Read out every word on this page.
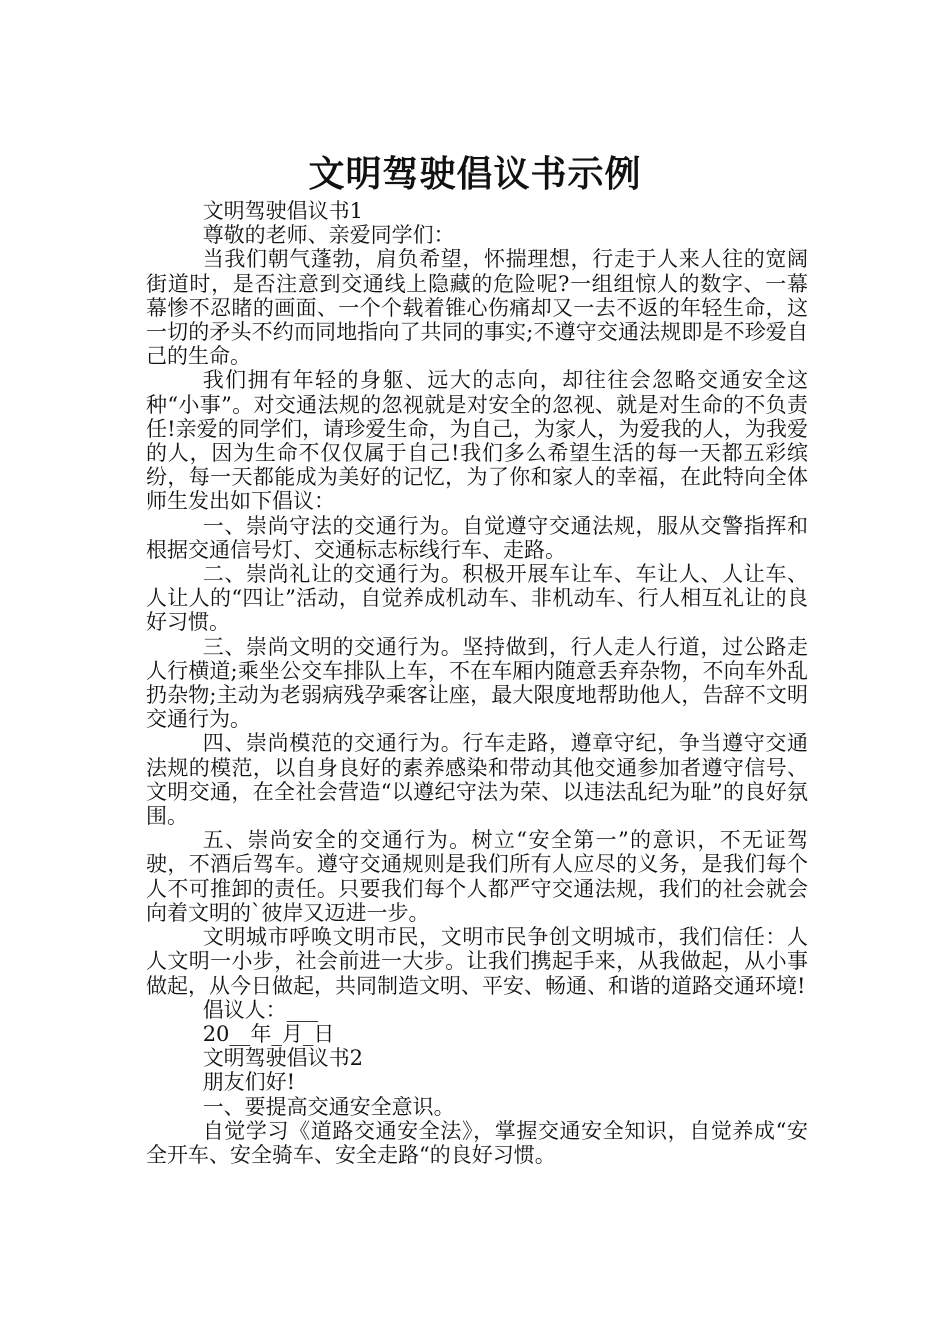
文明驾驶倡议书示例

文明驾驶倡议书1

尊敬的老师、亲爱同学们：

当我们朝气蓬勃，肩负希望，怀揣理想，行走于人来人往的宽阔街道时，是否注意到交通线上隐藏的危险呢?一组组惊人的数字、一幕幕惨不忍睹的画面、一个个载着锥心伤痛却又一去不返的年轻生命，这一切的矛头不约而同地指向了共同的事实;不遵守交通法规即是不珍爱自己的生命。

我们拥有年轻的身躯、远大的志向，却往往会忽略交通安全这种“小事”。对交通法规的忽视就是对安全的忽视、就是对生命的不负责任!亲爱的同学们，请珍爱生命，为自己，为家人，为爱我的人，为我爱的人，因为生命不仅仅属于自己!我们多么希望生活的每一天都五彩缤纷，每一天都能成为美好的记忆，为了你和家人的幸福，在此特向全体师生发出如下倡议：

一、崇尚守法的交通行为。自觉遵守交通法规，服从交警指挥和根据交通信号灯、交通标志标线行车、走路。

二、崇尚礼让的交通行为。积极开展车让车、车让人、人让车、人让人的“四让”活动，自觉养成机动车、非机动车、行人相互礼让的良好习惯。

三、崇尚文明的交通行为。坚持做到，行人走人行道，过公路走人行横道;乘坐公交车排队上车，不在车厢内随意丢弃杂物，不向车外乱扔杂物;主动为老弱病残孕乘客让座，最大限度地帮助他人，告辞不文明交通行为。

四、崇尚模范的交通行为。行车走路，遵章守纪，争当遵守交通法规的模范，以自身良好的素养感染和带动其他交通参加者遵守信号、文明交通，在全社会营造“以遵纪守法为荣、以违法乱纪为耻”的良好氛围。

五、崇尚安全的交通行为。树立“安全第一”的意识，不无证驾驶，不酒后驾车。遵守交通规则是我们所有人应尽的义务，是我们每个人不可推卸的责任。只要我们每个人都严守交通法规，我们的社会就会向着文明的`彼岸又迈进一步。

文明城市呼唤文明市民，文明市民争创文明城市，我们信任：人人文明一小步，社会前进一大步。让我们携起手来，从我做起，从小事做起，从今日做起，共同制造文明、平安、畅通、和谐的道路交通环境!

倡议人：___

20__年_月_日

文明驾驶倡议书2

朋友们好!

一、要提高交通安全意识。

自觉学习《道路交通安全法》，掌握交通安全知识，自觉养成“安全开车、安全骑车、安全走路“的良好习惯。
